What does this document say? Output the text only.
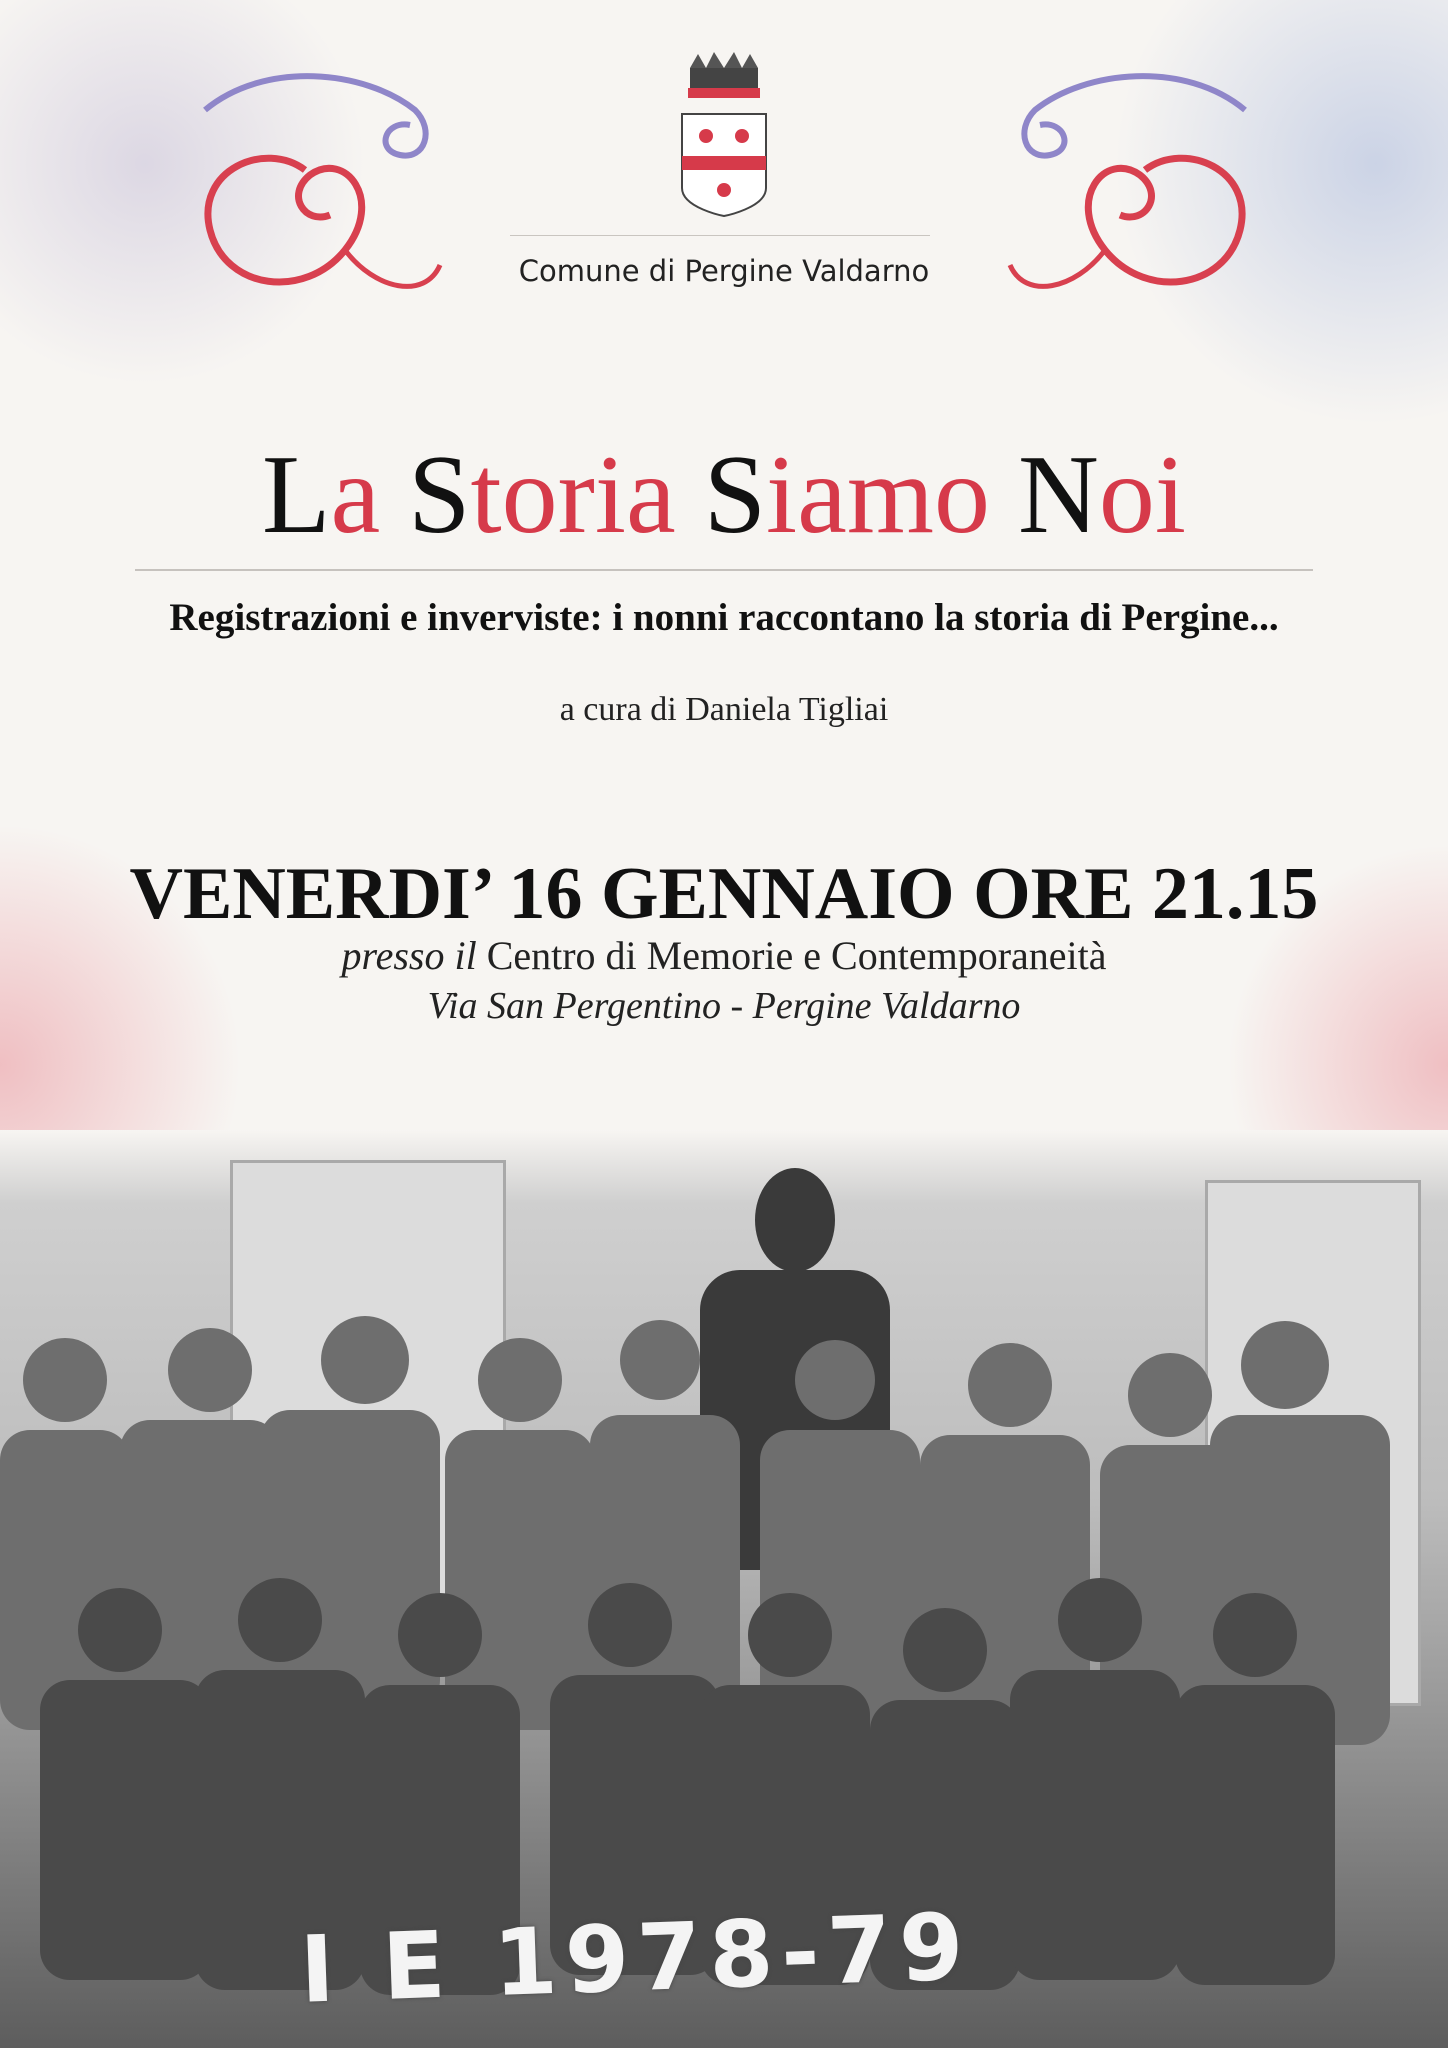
Comune di Pergine Valdarno
La Storia Siamo Noi
Registrazioni e inverviste: i nonni raccontano la storia di Pergine...
a cura di Daniela Tigliai
VENERDI’ 16 GENNAIO ORE 21.15
presso il Centro di Memorie e Contemporaneità
Via San Pergentino - Pergine Valdarno
I E 1978-79
